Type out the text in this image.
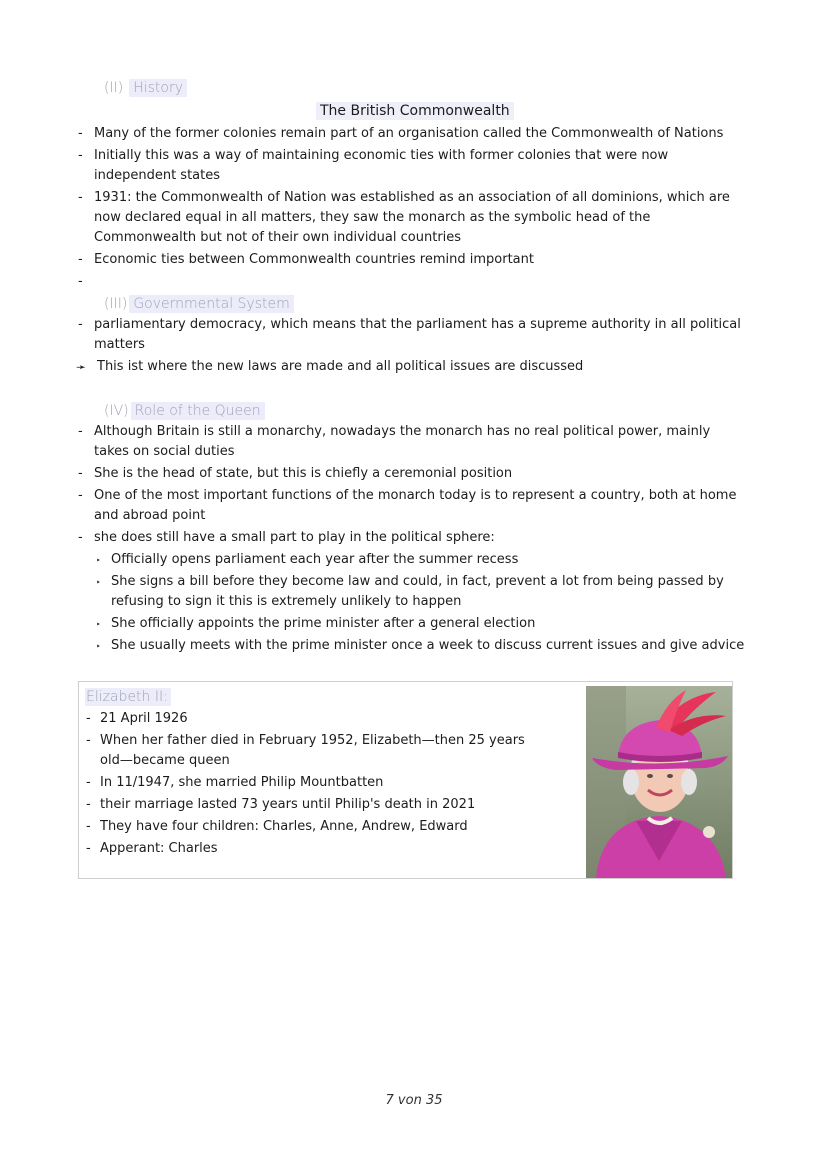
(II) History
The British Commonwealth
- Many of the former colonies remain part of an organisation called the Commonwealth of Nations
- Initially this was a way of maintaining economic ties with former colonies that were now independent states
- 1931: the Commonwealth of Nation was established as an association of all dominions, which are now declared equal in all matters, they saw the monarch as the symbolic head of the Commonwealth but not of their own individual countries
- Economic ties between Commonwealth countries remind important
-
(III) Governmental System
- parliamentary democracy, which means that the parliament has a supreme authority in all political matters
➛ This ist where the new laws are made and all political issues are discussed
(IV) Role of the Queen
- Although Britain is still a monarchy, nowadays the monarch has no real political power, mainly takes on social duties
- She is the head of state, but this is chiefly a ceremonial position
- One of the most important functions of the monarch today is to represent a country, both at home and abroad point
- she does still have a small part to play in the political sphere:
‣ Officially opens parliament each year after the summer recess
‣ She signs a bill before they become law and could, in fact, prevent a lot from being passed by refusing to sign it this is extremely unlikely to happen
‣ She officially appoints the prime minister after a general election
‣ She usually meets with the prime minister once a week to discuss current issues and give advice
Elizabeth II:
- 21 April 1926
- When her father died in February 1952, Elizabeth—then 25 years old—became queen
- In 11/1947, she married Philip Mountbatten
- their marriage lasted 73 years until Philip's death in 2021
- They have four children: Charles, Anne, Andrew, Edward
- Apperant: Charles
7 von 35
